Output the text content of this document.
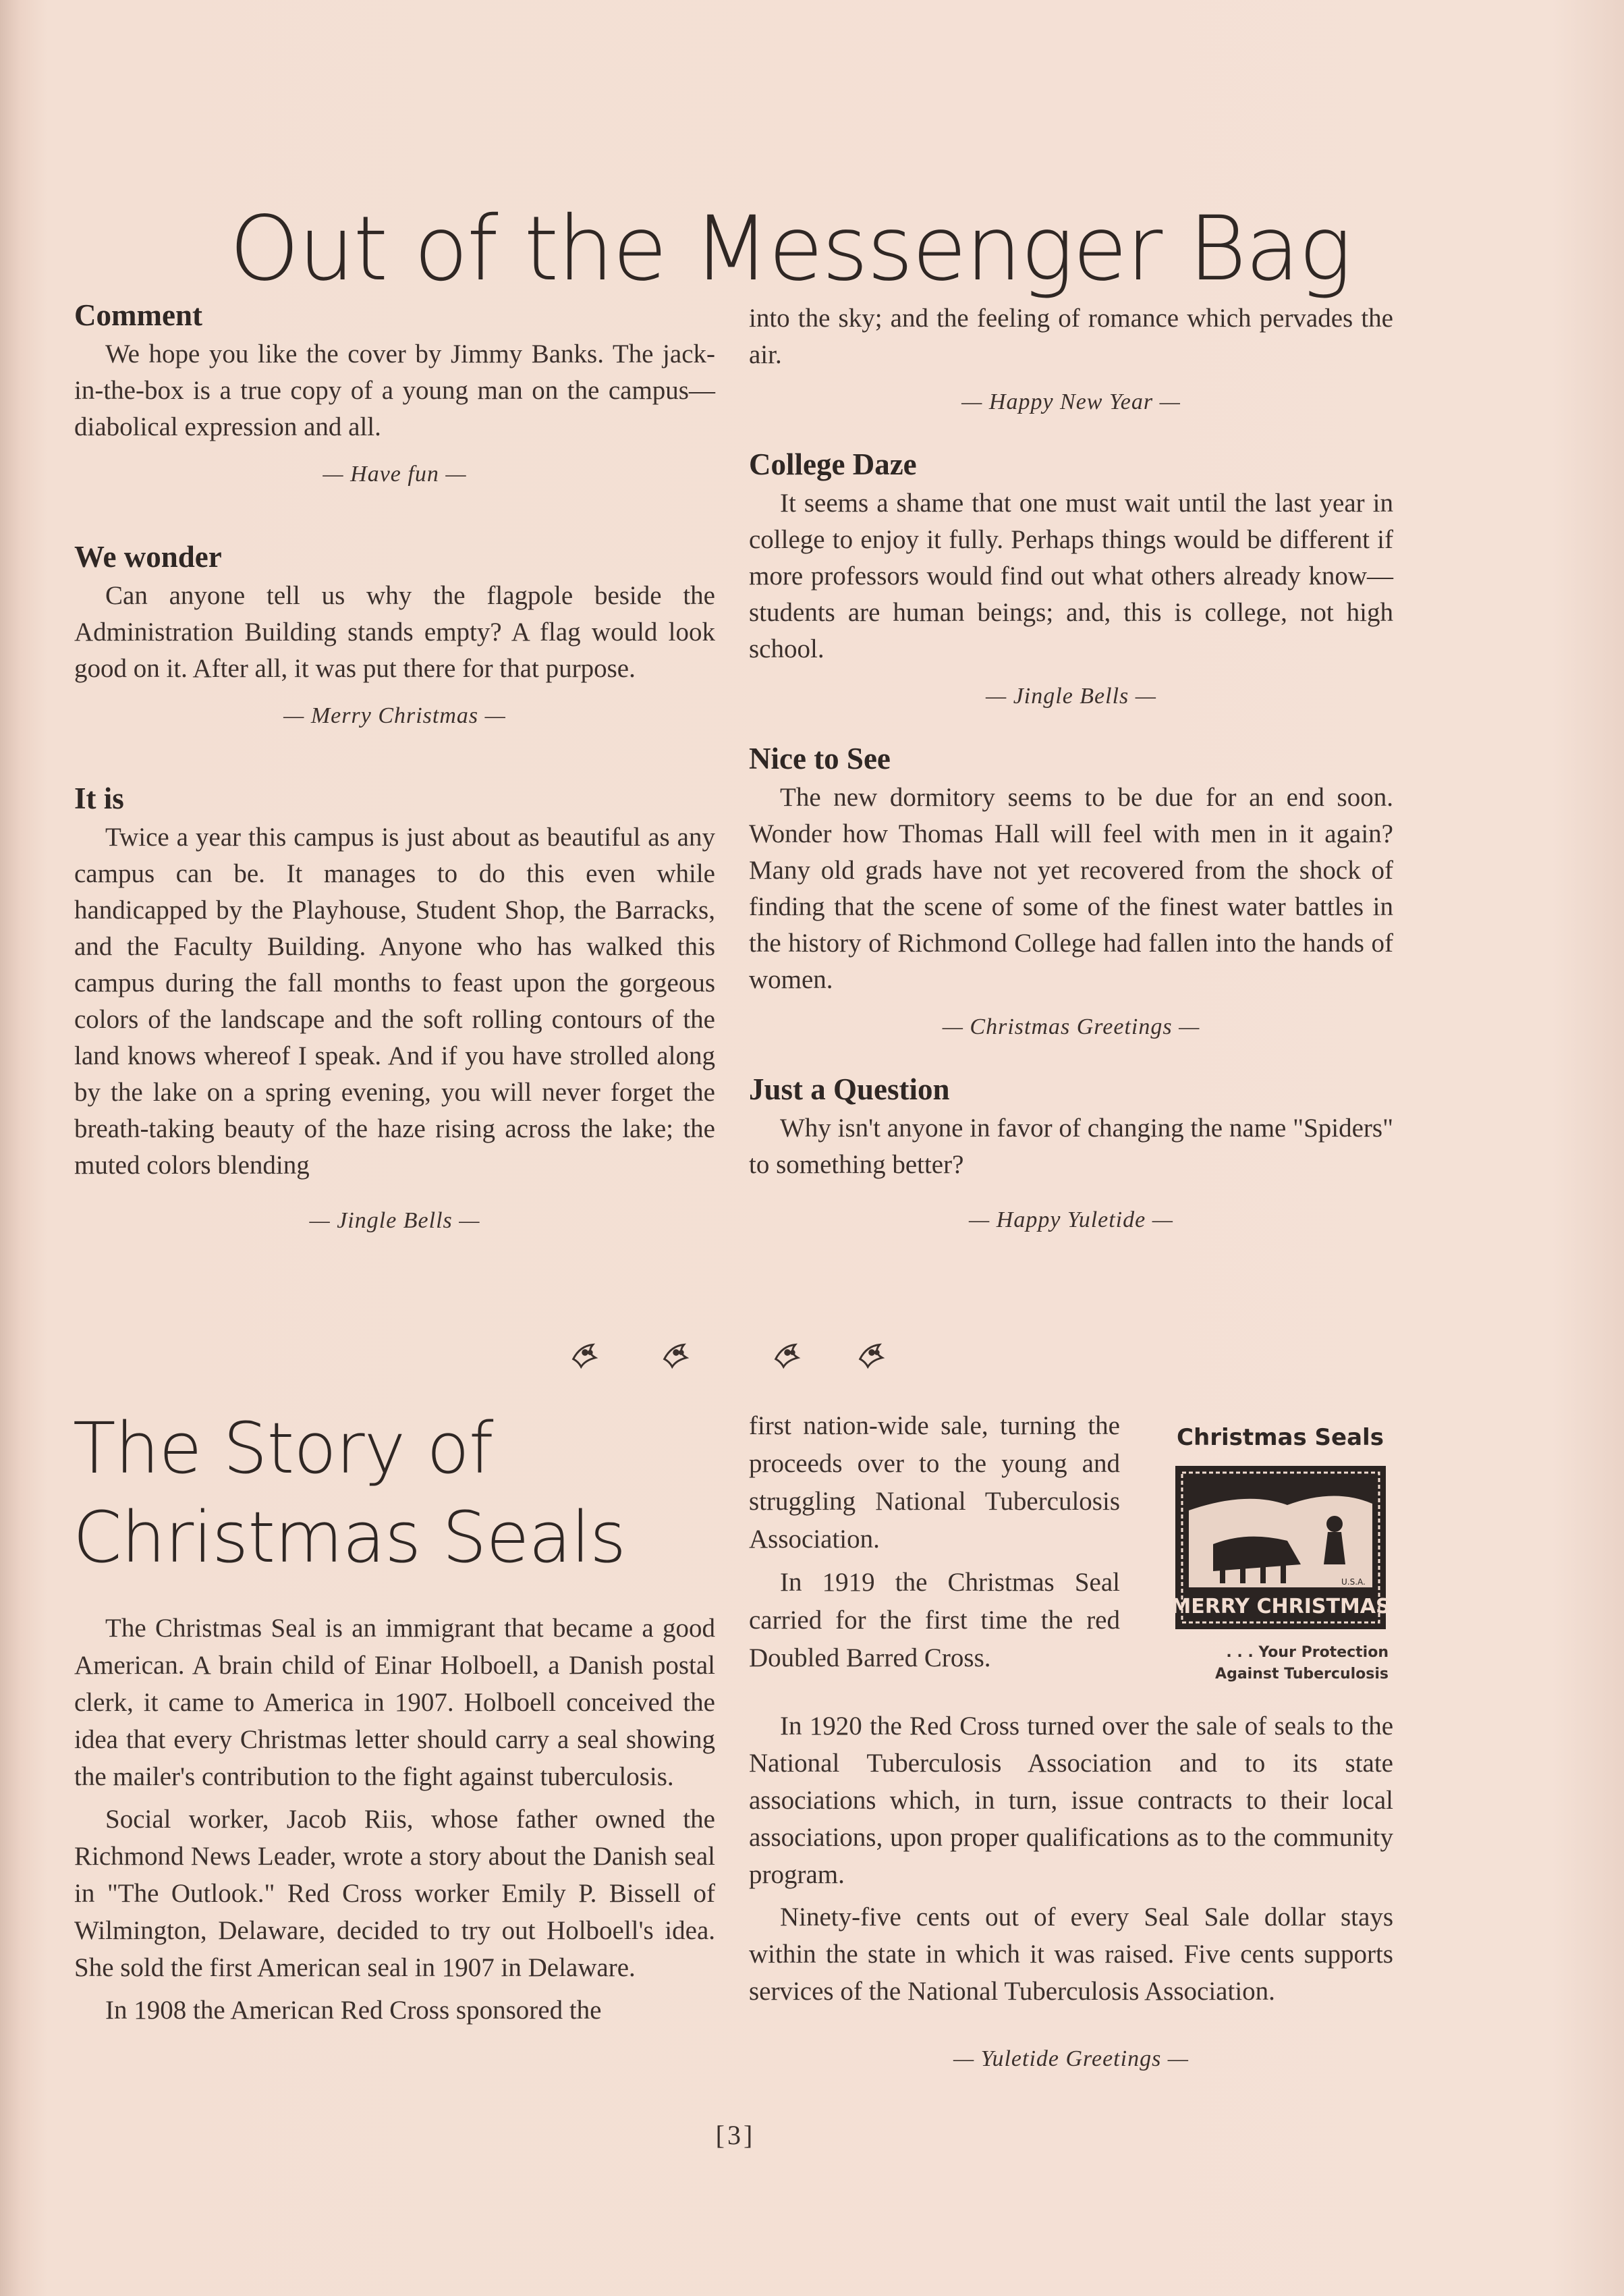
Out of the Messenger Bag
Comment

We hope you like the cover by Jimmy Banks. The jack-in-the-box is a true copy of a young man on the campus—diabolical expression and all.

— Have fun —
We wonder

Can anyone tell us why the flagpole beside the Administration Building stands empty? A flag would look good on it. After all, it was put there for that purpose.

— Merry Christmas —
It is

Twice a year this campus is just about as beautiful as any campus can be. It manages to do this even while handicapped by the Playhouse, Student Shop, the Barracks, and the Faculty Building. Anyone who has walked this campus during the fall months to feast upon the gorgeous colors of the landscape and the soft rolling contours of the land knows whereof I speak. And if you have strolled along by the lake on a spring evening, you will never forget the breath-taking beauty of the haze rising across the lake; the muted colors blending

— Jingle Bells —

into the sky; and the feeling of romance which pervades the air.

— Happy New Year —
College Daze

It seems a shame that one must wait until the last year in college to enjoy it fully. Perhaps things would be different if more professors would find out what others already know—students are human beings; and, this is college, not high school.

— Jingle Bells —
Nice to See

The new dormitory seems to be due for an end soon. Wonder how Thomas Hall will feel with men in it again? Many old grads have not yet recovered from the shock of finding that the scene of some of the finest water battles in the history of Richmond College had fallen into the hands of women.

— Christmas Greetings —
Just a Question

Why isn't anyone in favor of changing the name "Spiders" to something better?

— Happy Yuletide —
The Story of
Christmas Seals

The Christmas Seal is an immigrant that became a good American. A brain child of Einar Holboell, a Danish postal clerk, it came to America in 1907. Holboell conceived the idea that every Christmas letter should carry a seal showing the mailer's contribution to the fight against tuberculosis.

Social worker, Jacob Riis, whose father owned the Richmond News Leader, wrote a story about the Danish seal in "The Outlook." Red Cross worker Emily P. Bissell of Wilmington, Delaware, decided to try out Holboell's idea. She sold the first American seal in 1907 in Delaware.

In 1908 the American Red Cross sponsored the

first nation-wide sale, turning the proceeds over to the young and struggling National Tuberculosis Association.

In 1919 the Christmas Seal carried for the first time the red Doubled Barred Cross.

Christmas Seals
U.S.A.
MERRY CHRISTMAS
. . . Your Protection
Against Tuberculosis

In 1920 the Red Cross turned over the sale of seals to the National Tuberculosis Association and to its state associations which, in turn, issue contracts to their local associations, upon proper qualifications as to the community program.

Ninety-five cents out of every Seal Sale dollar stays within the state in which it was raised. Five cents supports services of the National Tuberculosis Association.

— Yuletide Greetings —
[3]
